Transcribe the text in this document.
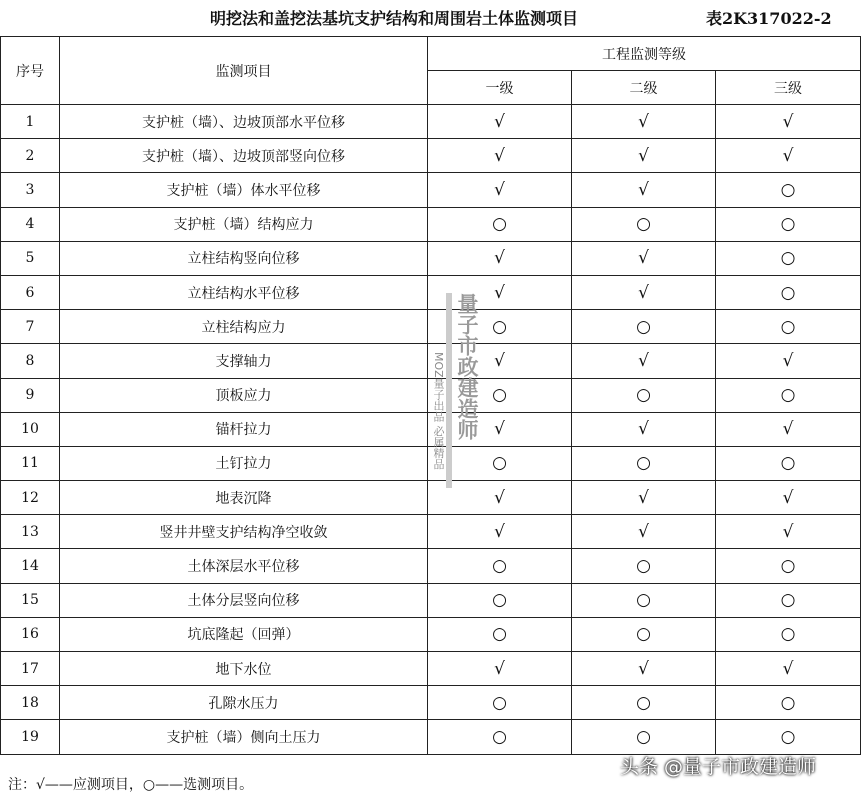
明挖法和盖挖法基坑支护结构和周围岩土体监测项目	表2K317022-2
序号	监测项目	工程监测等级		
		一级	二级	三级
1	支护桩（墙）、边坡顶部水平位移	√	√	√
2	支护桩（墙）、边坡顶部竖向位移	√	√	√
3	支护桩（墙）体水平位移	√	√	○
4	支护桩（墙）结构应力	○	○	○
5	立柱结构竖向位移	√	√	○
6	立柱结构水平位移	√	√	○
7	立柱结构应力	○	○	○
8	支撑轴力	√	√	√
9	顶板应力	○	○	○
10	锚杆拉力	√	√	√
11	土钉拉力	○	○	○
12	地表沉降	√	√	√
13	竖井井壁支护结构净空收敛	√	√	√
14	土体深层水平位移	○	○	○
15	土体分层竖向位移	○	○	○
16	坑底隆起（回弹）	○	○	○
17	地下水位	√	√	√
18	孔隙水压力	○	○	○
19	支护桩（墙）侧向土压力	○	○	○
量子市政建造师
MOZ量子出品 必属精品
注：√——应测项目，○——选测项目。
头条 @量子市政建造师
